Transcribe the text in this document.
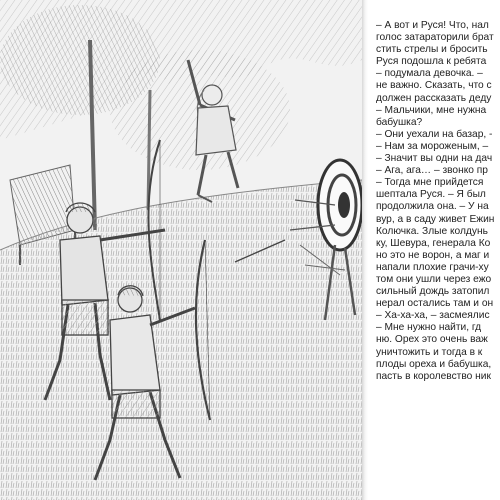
– А вот и Руся! Что, нал
голос затараторили брат
стить стрелы и бросить
Руся подошла к ребята
– подумала девочка. –
не важно. Сказать, что с
должен рассказать деду
– Мальчики, мне нужна
бабушка?
– Они уехали на базар, -
– Нам за мороженым, –
– Значит вы одни на дач
– Ага, ага… – звонко пр
– Тогда мне прийдется
шептала Руся. – Я был
продолжила она. – У на
вур, а в саду живет Ежин
Колючка. Злые колдунь
ку, Шевура, генерала Ко
но это не ворон, а маг и
напали плохие грачи-ху
том они ушли через ежо
сильный дождь затопил
нерал остались там и он
– Ха-ха-ха, – засмеялис
– Мне нужно найти, гд
ню. Орех это очень важ
уничтожить и тогда в к
плоды ореха и бабушка,
пасть в королевство ник
